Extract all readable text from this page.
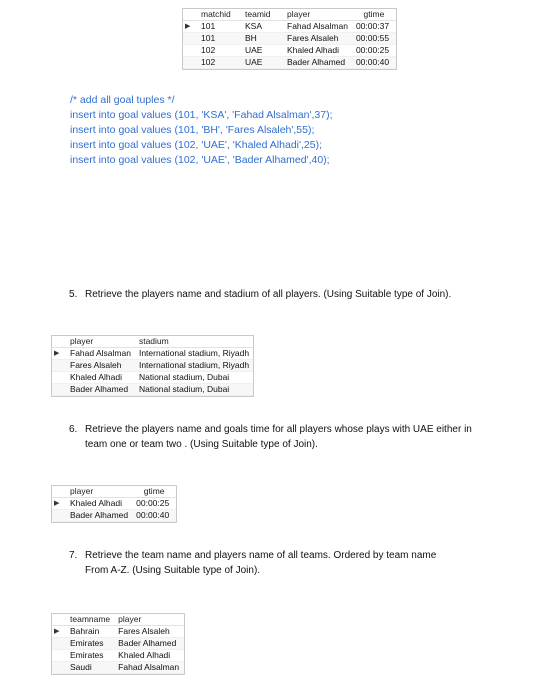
	matchid	teamid	player	gtime
▶	101	KSA	Fahad Alsalman	00:00:37
	101	BH	Fares Alsaleh	00:00:55
	102	UAE	Khaled Alhadi	00:00:25
	102	UAE	Bader Alhamed	00:00:40
/* add all goal tuples */
insert into goal values (101, 'KSA', 'Fahad Alsalman',37);
insert into goal values (101, 'BH', 'Fares Alsaleh',55);
insert into goal values (102, 'UAE', 'Khaled Alhadi',25);
insert into goal values (102, 'UAE', 'Bader Alhamed',40);
5. Retrieve the players name and stadium of all players. (Using Suitable type of Join).
	player	stadium
▶	Fahad Alsalman	International stadium, Riyadh
	Fares Alsaleh	International stadium, Riyadh
	Khaled Alhadi	National stadium, Dubai
	Bader Alhamed	National stadium, Dubai
6. Retrieve the players name and goals time for all players whose plays with UAE either in
team one or team two . (Using Suitable type of Join).
	player	gtime
▶	Khaled Alhadi	00:00:25
	Bader Alhamed	00:00:40
7. Retrieve the team name and players name of all teams. Ordered by team name
From A-Z. (Using Suitable type of Join).
	teamname	player
▶	Bahrain	Fares Alsaleh
	Emirates	Bader Alhamed
	Emirates	Khaled Alhadi
	Saudi	Fahad Alsalman
